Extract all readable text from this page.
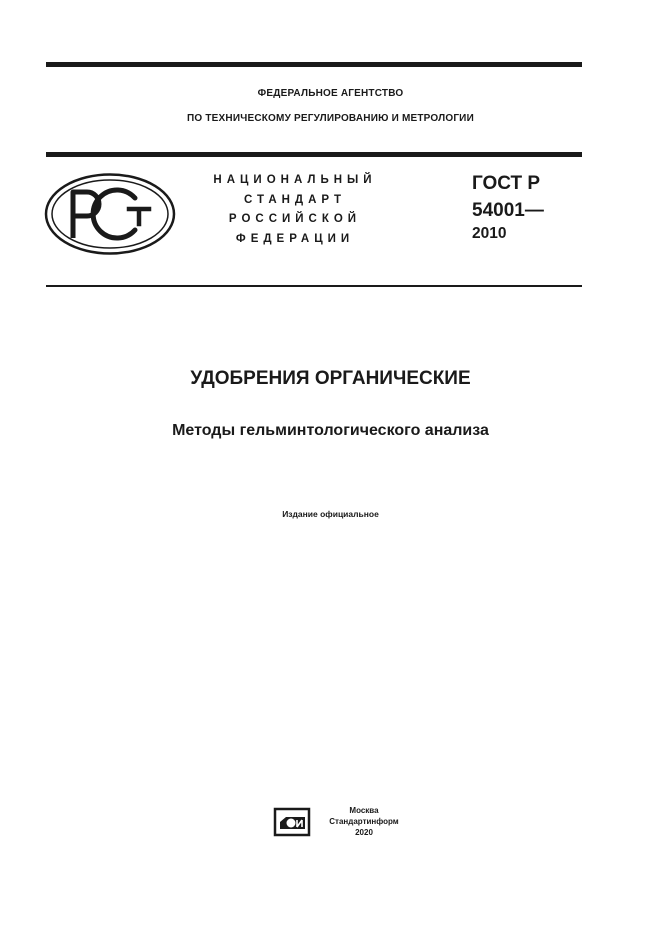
ФЕДЕРАЛЬНОЕ АГЕНТСТВО
ПО ТЕХНИЧЕСКОМУ РЕГУЛИРОВАНИЮ И МЕТРОЛОГИИ
НАЦИОНАЛЬНЫЙ
СТАНДАРТ
РОССИЙСКОЙ
ФЕДЕРАЦИИ
ГОСТ Р
54001—
2010
УДОБРЕНИЯ ОРГАНИЧЕСКИЕ
Методы гельминтологического анализа
Издание официальное
Москва
Стандартинформ
2020
